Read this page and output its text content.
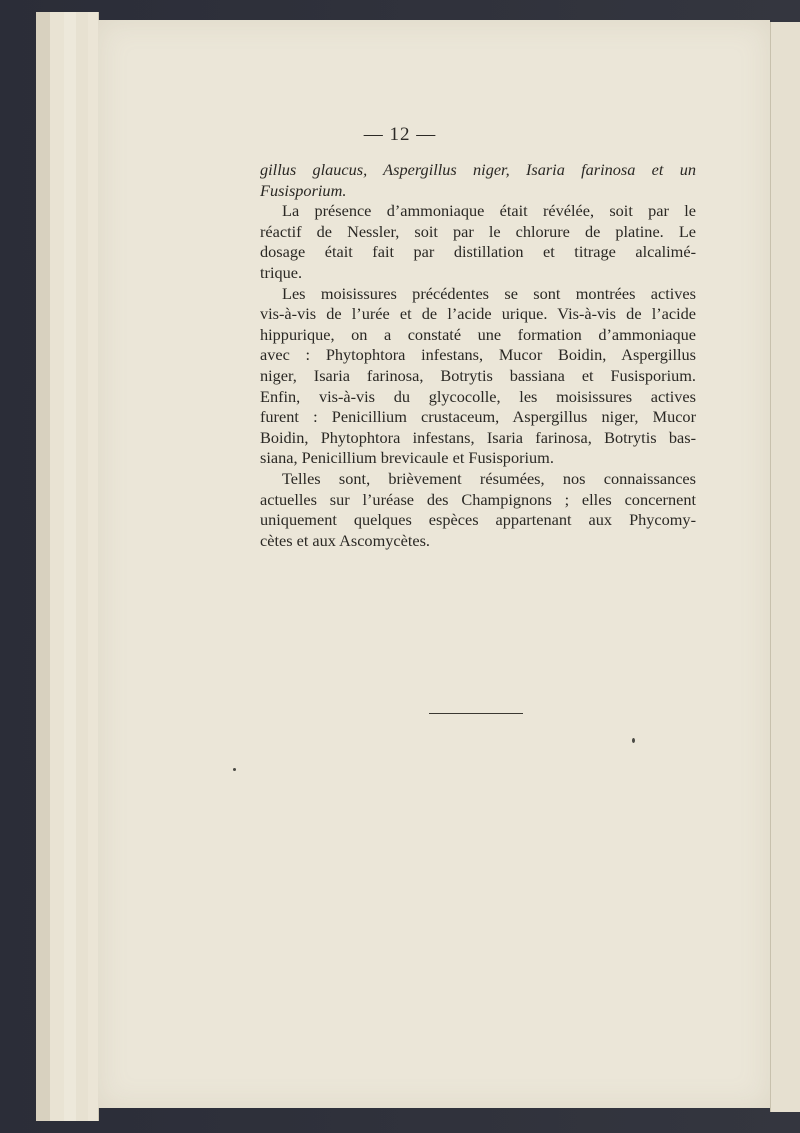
— 12 —
gillus glaucus, Aspergillus niger, Isaria farinosa et un
Fusisporium.
La présence d’ammoniaque était révélée, soit par le
réactif de Nessler, soit par le chlorure de platine. Le
dosage était fait par distillation et titrage alcalimé-
trique.
Les moisissures précédentes se sont montrées actives
vis-à-vis de l’urée et de l’acide urique. Vis-à-vis de l’acide
hippurique, on a constaté une formation d’ammoniaque
avec : Phytophtora infestans, Mucor Boidin, Aspergillus
niger, Isaria farinosa, Botrytis bassiana et Fusisporium.
Enfin, vis-à-vis du glycocolle, les moisissures actives
furent : Penicillium crustaceum, Aspergillus niger, Mucor
Boidin, Phytophtora infestans, Isaria farinosa, Botrytis bas-
siana, Penicillium brevicaule et Fusisporium.
Telles sont, brièvement résumées, nos connaissances
actuelles sur l’uréase des Champignons ; elles concernent
uniquement quelques espèces appartenant aux Phycomy-
cètes et aux Ascomycètes.
